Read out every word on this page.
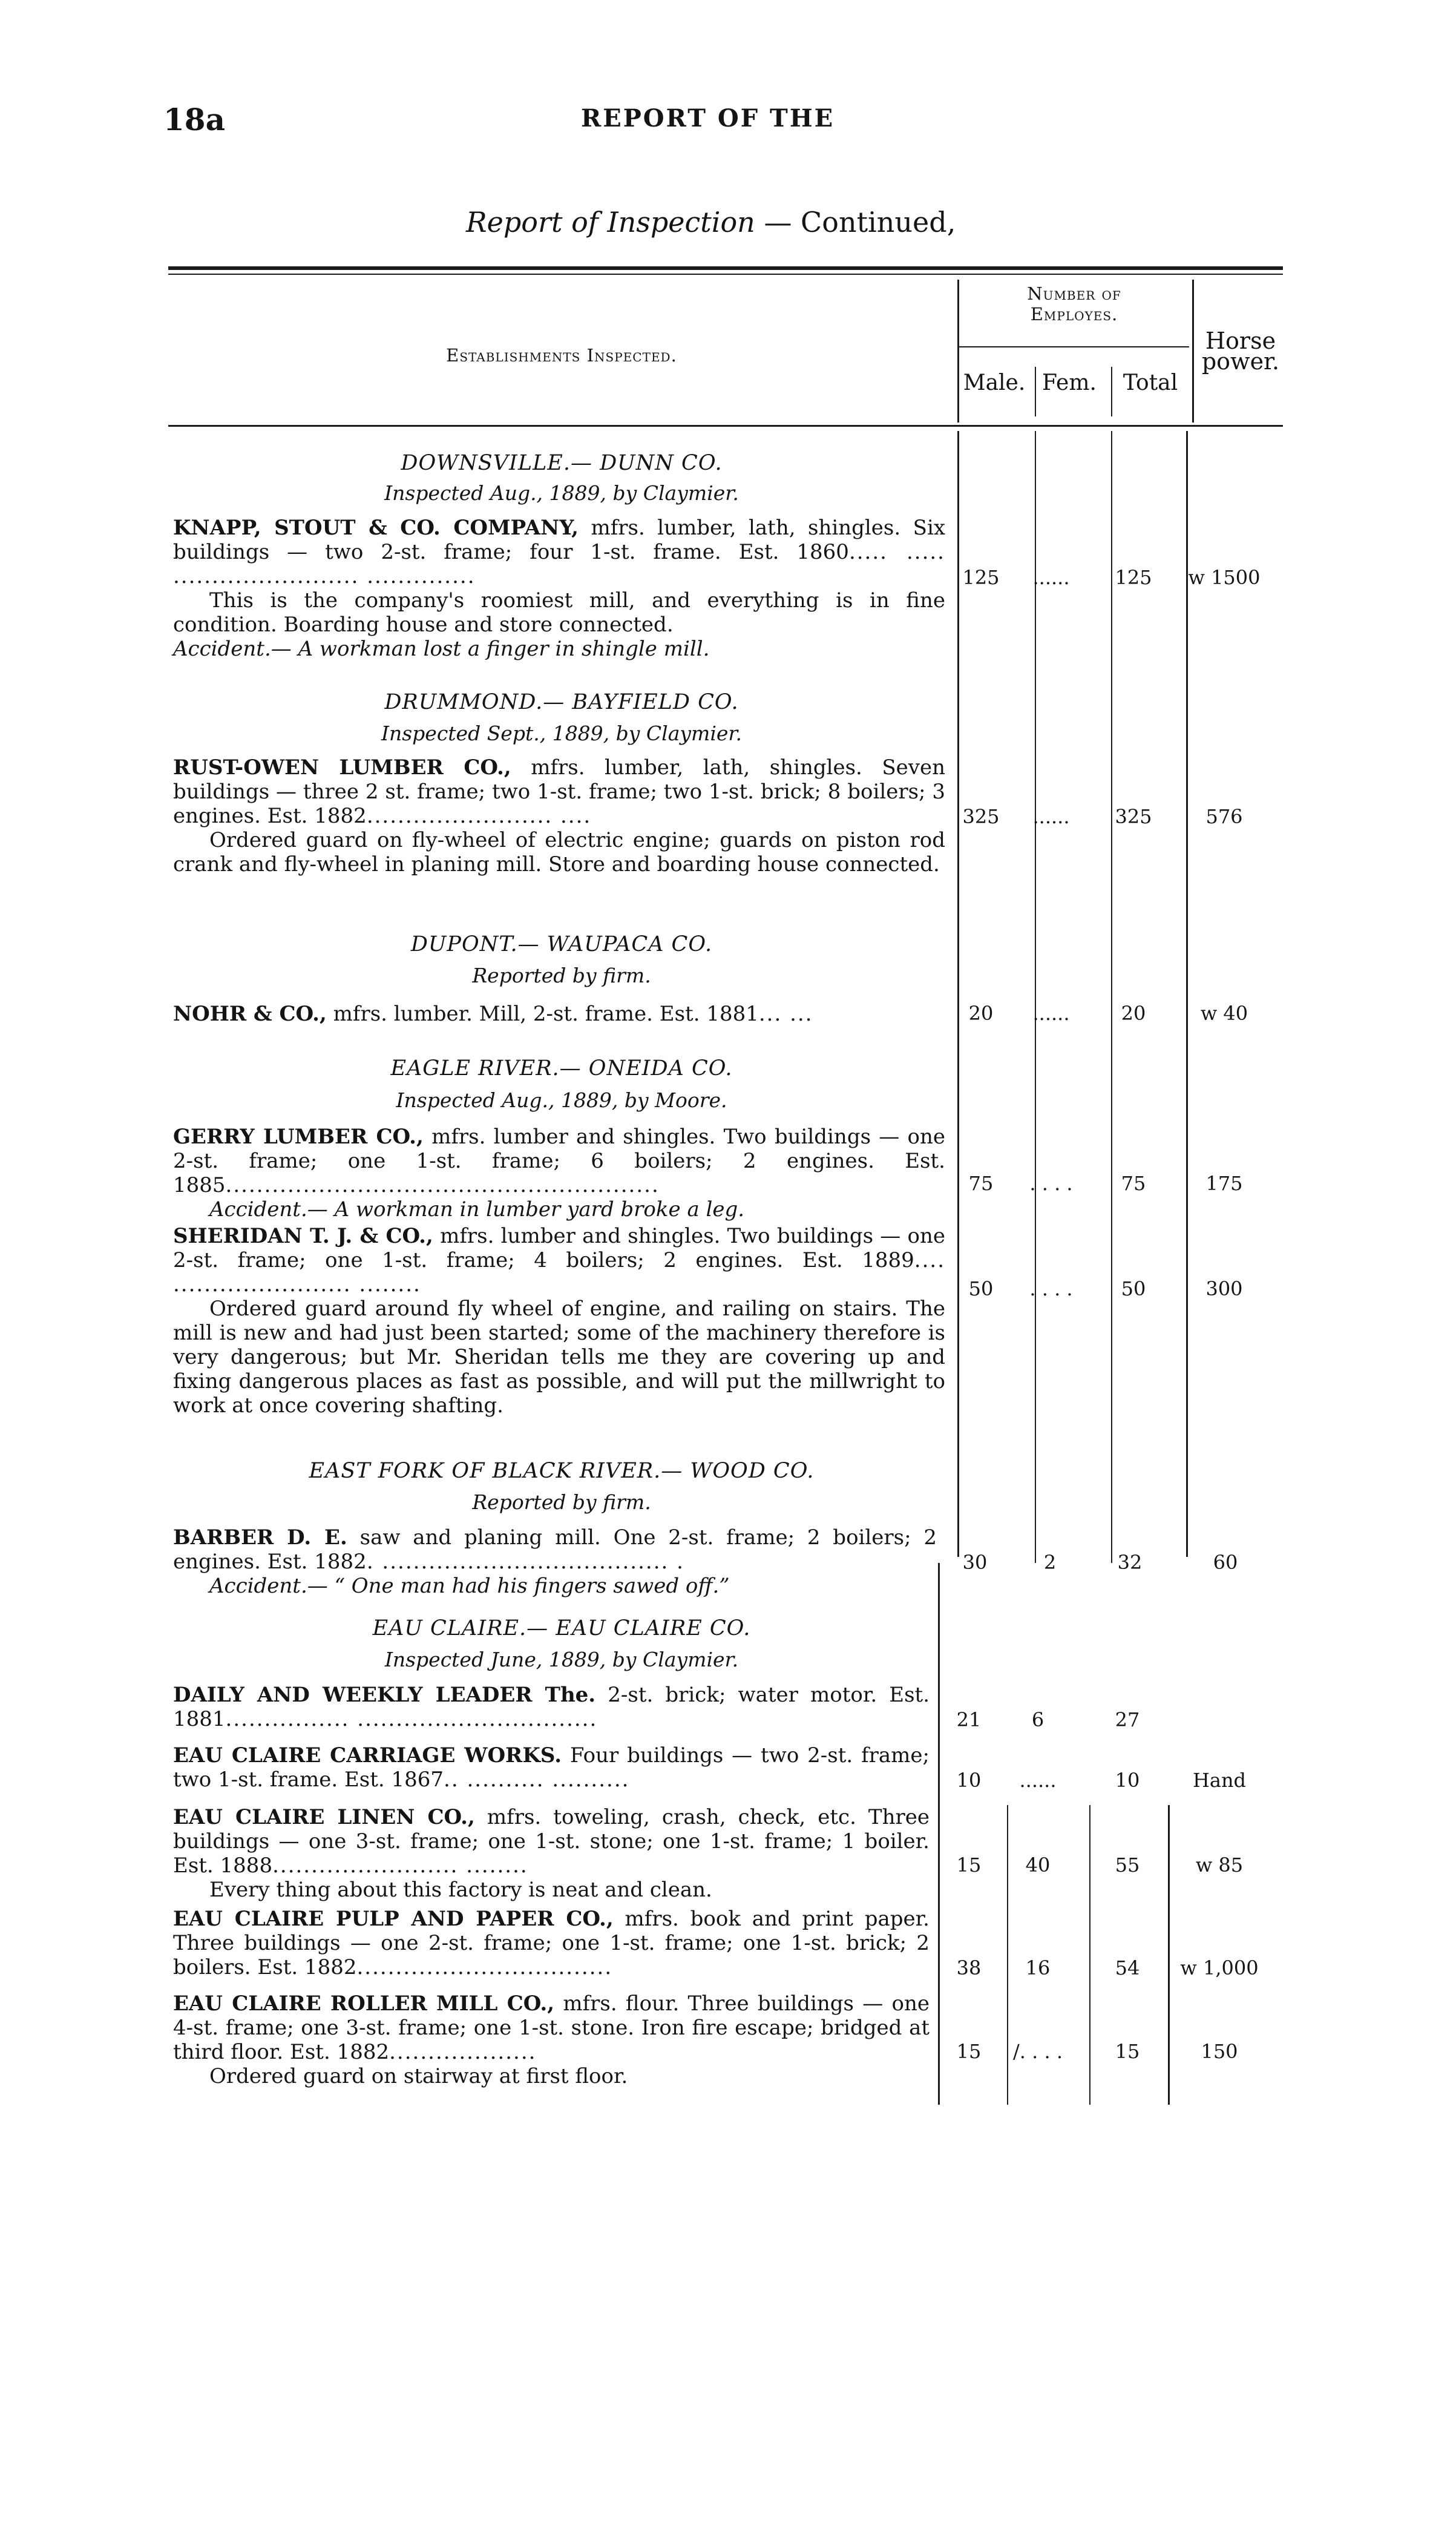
18a	REPORT OF THE
Report of Inspection — Continued,
Establishments Inspected.
Number of Employes.
Male. Fem.	Total
Horse power.
DOWNSVILLE.— DUNN CO.
Inspected Aug., 1889, by Claymier.
KNAPP, STOUT & CO. COMPANY, mfrs. lumber, lath, shingles. Six buildings — two 2-st. frame; four 1-st. frame. Est. 1860..... ..... ........................ ..............
This is the company's roomiest mill, and everything is in fine condition. Boarding house and store connected.
Accident.— A workman lost a finger in shingle mill.
125	......	125	w 1500
DRUMMOND.— BAYFIELD CO.
Inspected Sept., 1889, by Claymier.
RUST-OWEN LUMBER CO., mfrs. lumber, lath, shingles. Seven buildings — three 2 st. frame; two 1-st. frame; two 1-st. brick; 8 boilers; 3 engines. Est. 1882........................ ....
Ordered guard on fly-wheel of electric engine; guards on piston rod crank and fly-wheel in planing mill. Store and boarding house connected.
325	......	325	576
DUPONT.— WAUPACA CO.
Reported by firm.
NOHR & CO., mfrs. lumber. Mill, 2-st. frame. Est. 1881... ...	20	......	20	w 40
EAGLE RIVER.— ONEIDA CO.
Inspected Aug., 1889, by Moore.
GERRY LUMBER CO., mfrs. lumber and shingles. Two buildings — one 2-st. frame; one 1-st. frame; 6 boilers; 2 engines. Est. 1885........................................................
Accident.— A workman in lumber yard broke a leg.
75	. . . .	75	175
SHERIDAN T. J. & CO., mfrs. lumber and shingles. Two buildings — one 2-st. frame; one 1-st. frame; 4 boilers; 2 engines. Est. 1889.... ....................... ........
Ordered guard around fly wheel of engine, and railing on stairs. The mill is new and had just been started; some of the machinery therefore is very dangerous; but Mr. Sheridan tells me they are covering up and fixing dangerous places as fast as possible, and will put the millwright to work at once covering shafting.
50	. . . .	50	300
EAST FORK OF BLACK RIVER.— WOOD CO.
Reported by firm.
BARBER D. E. saw and planing mill. One 2-st. frame; 2 boilers; 2 engines. Est. 1882. ..................................... .
Accident.— “ One man had his fingers sawed off.”
30	2	32	60
EAU CLAIRE.— EAU CLAIRE CO.
Inspected June, 1889, by Claymier.
DAILY AND WEEKLY LEADER The. 2-st. brick; water motor. Est. 1881................ ...............................	21	6	27
EAU CLAIRE CARRIAGE WORKS. Four buildings — two 2-st. frame; two 1-st. frame. Est. 1867.. .......... ..........	10	......	10	Hand
EAU CLAIRE LINEN CO., mfrs. toweling, crash, check, etc. Three buildings — one 3-st. frame; one 1-st. stone; one 1-st. frame; 1 boiler. Est. 1888........................ ........
Every thing about this factory is neat and clean.
15	40	55	w 85
EAU CLAIRE PULP AND PAPER CO., mfrs. book and print paper. Three buildings — one 2-st. frame; one 1-st. frame; one 1-st. brick; 2 boilers. Est. 1882.................................	38	16	54	w 1,000
EAU CLAIRE ROLLER MILL CO., mfrs. flour. Three buildings — one 4-st. frame; one 3-st. frame; one 1-st. stone. Iron fire escape; bridged at third floor. Est. 1882...................
Ordered guard on stairway at first floor.
15	/. . . .	15	150
